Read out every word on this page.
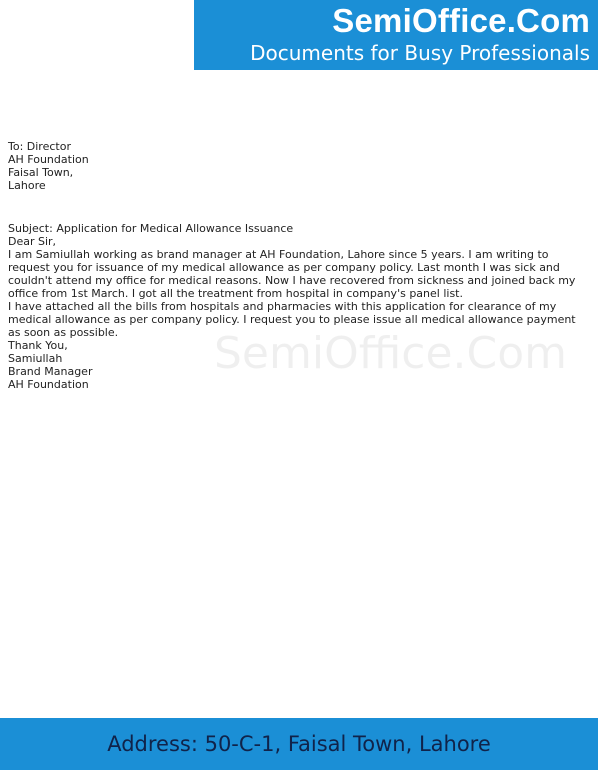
SemiOffice.Com
Documents for Busy Professionals
SemiOffice.Com

To: Director

AH Foundation

Faisal Town,

Lahore

Subject: Application for Medical Allowance Issuance

Dear Sir,

I am Samiullah working as brand manager at AH Foundation, Lahore since 5 years. I am writing to request you for issuance of my medical allowance as per company policy. Last month I was sick and couldn't attend my office for medical reasons. Now I have recovered from sickness and joined back my office from 1st March. I got all the treatment from hospital in company's panel list.

I have attached all the bills from hospitals and pharmacies with this application for clearance of my medical allowance as per company policy. I request you to please issue all medical allowance payment as soon as possible.

Thank You,

Samiullah

Brand Manager

AH Foundation

Address: 50-C-1, Faisal Town, Lahore
